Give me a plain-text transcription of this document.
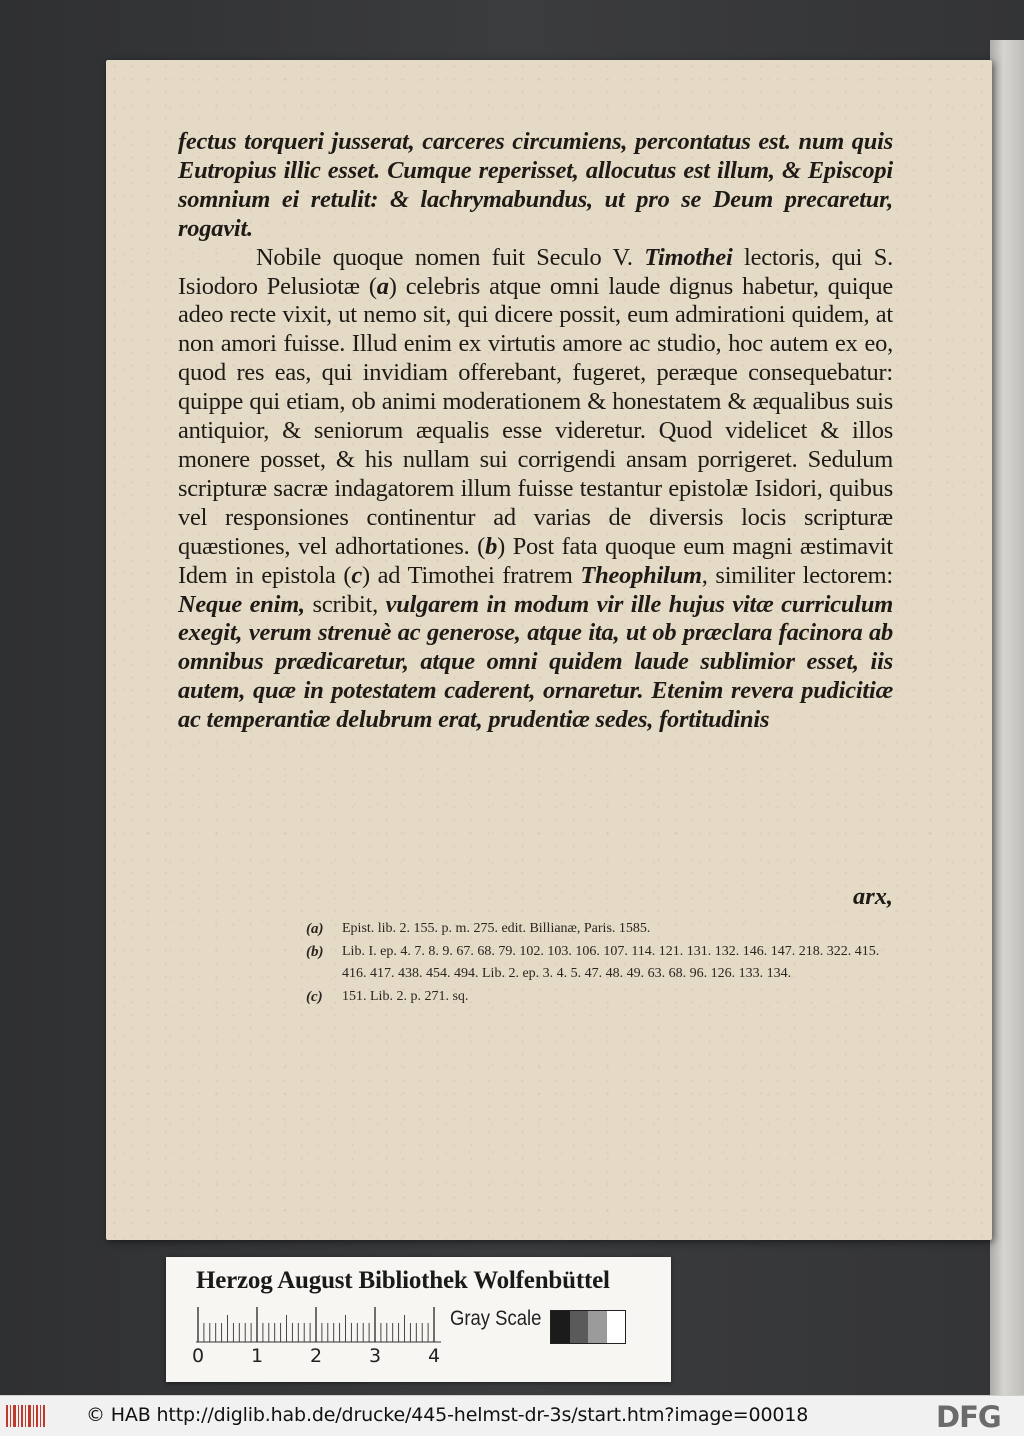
fectus torqueri jusserat, carceres circumiens, percontatus est. num quis Eutropius illic esset. Cumque reperisset, allocutus est illum, & Episcopi somnium ei retulit: & lachrymabundus, ut pro se Deum precaretur, rogavit.

Nobile quoque nomen fuit Seculo V. Timothei lectoris, qui S. Isiodoro Pelusiotæ (a) celebris atque omni laude dignus habetur, quique adeo recte vixit, ut nemo sit, qui dicere possit, eum admirationi quidem, at non amori fuisse. Illud enim ex virtutis amore ac studio, hoc autem ex eo, quod res eas, qui invidiam offerebant, fugeret, peræque consequebatur: quippe qui etiam, ob animi moderationem & honestatem & æqualibus suis antiquior, & seniorum æqualis esse videretur. Quod videlicet & illos monere posset, & his nullam sui corrigendi ansam porrigeret. Sedulum scripturæ sacræ indagatorem illum fuisse testantur epistolæ Isidori, quibus vel responsiones continentur ad varias de diversis locis scripturæ quæstiones, vel adhortationes. (b) Post fata quoque eum magni æstimavit Idem in epistola (c) ad Timothei fratrem Theophilum, similiter lectorem: Neque enim, scribit, vulgarem in modum vir ille hujus vitæ curriculum exegit, verum strenuè ac generose, atque ita, ut ob præclara facinora ab omnibus prædicaretur, atque omni quidem laude sublimior esset, iis autem, quæ in potestatem caderent, ornaretur. Etenim revera pudicitiæ ac temperantiæ delubrum erat, prudentiæ sedes, fortitudinis

arx,
(a)	Epist. lib. 2. 155. p. m. 275. edit. Billianæ, Paris. 1585.
(b)	Lib. I. ep. 4. 7. 8. 9. 67. 68. 79. 102. 103. 106. 107. 114. 121. 131. 132. 146. 147. 218. 322. 415. 416. 417. 438. 454. 494. Lib. 2. ep. 3. 4. 5. 47. 48. 49. 63. 68. 96. 126. 133. 134.
(c)	151. Lib. 2. p. 271. sq.
Herzog August Bibliothek Wolfenbüttel
0 1 2 3 4
Gray Scale
© HAB http://diglib.hab.de/drucke/445-helmst-dr-3s/start.htm?image=00018	DFG
